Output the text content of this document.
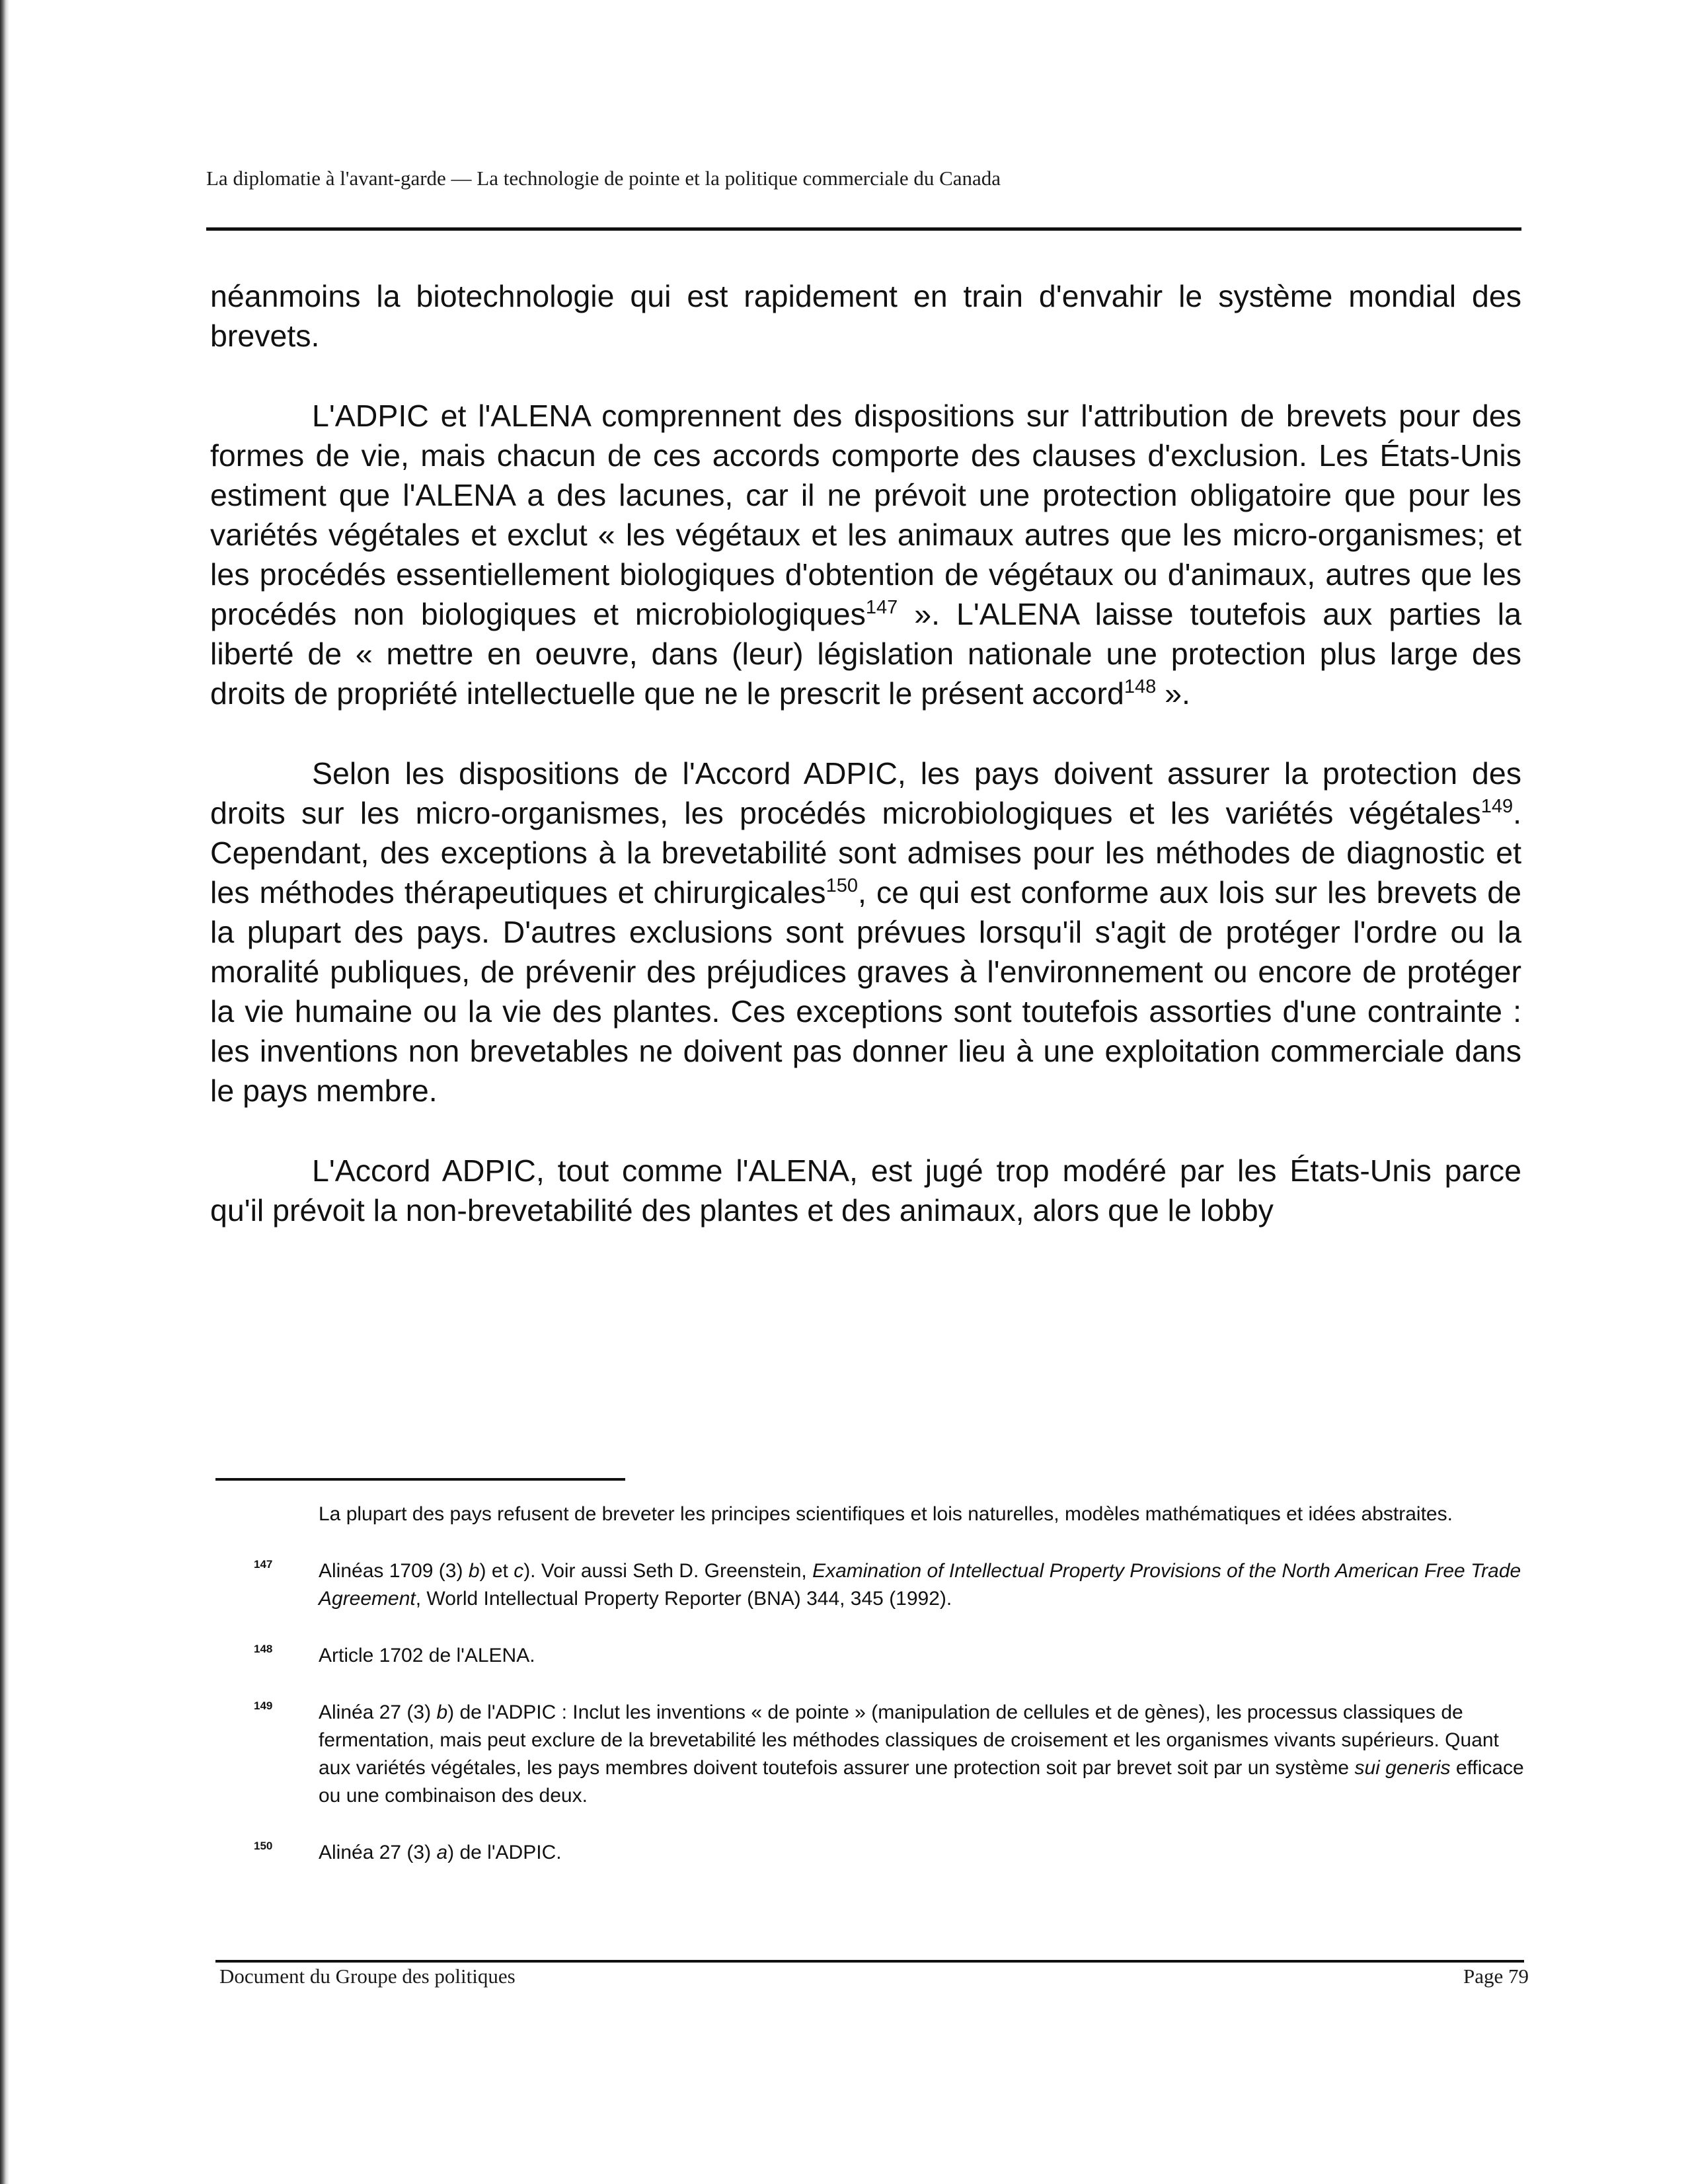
La diplomatie à l'avant-garde — La technologie de pointe et la politique commerciale du Canada

néanmoins la biotechnologie qui est rapidement en train d'envahir le système mondial des brevets.

L'ADPIC et l'ALENA comprennent des dispositions sur l'attribution de brevets pour des formes de vie, mais chacun de ces accords comporte des clauses d'exclusion. Les États-Unis estiment que l'ALENA a des lacunes, car il ne prévoit une protection obligatoire que pour les variétés végétales et exclut « les végétaux et les animaux autres que les micro-organismes; et les procédés essentiellement biologiques d'obtention de végétaux ou d'animaux, autres que les procédés non biologiques et microbiologiques$^{147}$ ». L'ALENA laisse toutefois aux parties la liberté de « mettre en oeuvre, dans (leur) législation nationale une protection plus large des droits de propriété intellectuelle que ne le prescrit le présent accord$^{148}$ ».

Selon les dispositions de l'Accord ADPIC, les pays doivent assurer la protection des droits sur les micro-organismes, les procédés microbiologiques et les variétés végétales$^{149}$. Cependant, des exceptions à la brevetabilité sont admises pour les méthodes de diagnostic et les méthodes thérapeutiques et chirurgicales$^{150}$, ce qui est conforme aux lois sur les brevets de la plupart des pays. D'autres exclusions sont prévues lorsqu'il s'agit de protéger l'ordre ou la moralité publiques, de prévenir des préjudices graves à l'environnement ou encore de protéger la vie humaine ou la vie des plantes. Ces exceptions sont toutefois assorties d'une contrainte : les inventions non brevetables ne doivent pas donner lieu à une exploitation commerciale dans le pays membre.

L'Accord ADPIC, tout comme l'ALENA, est jugé trop modéré par les États-Unis parce qu'il prévoit la non-brevetabilité des plantes et des animaux, alors que le lobby

La plupart des pays refusent de breveter les principes scientifiques et lois naturelles, modèles mathématiques et idées abstraites.
147 Alinéas 1709 (3) b) et c). Voir aussi Seth D. Greenstein, Examination of Intellectual Property Provisions of the North American Free Trade Agreement, World Intellectual Property Reporter (BNA) 344, 345 (1992).
148 Article 1702 de l'ALENA.
149 Alinéa 27 (3) b) de l'ADPIC : Inclut les inventions « de pointe » (manipulation de cellules et de gènes), les processus classiques de fermentation, mais peut exclure de la brevetabilité les méthodes classiques de croisement et les organismes vivants supérieurs. Quant aux variétés végétales, les pays membres doivent toutefois assurer une protection soit par brevet soit par un système sui generis efficace ou une combinaison des deux.
150 Alinéa 27 (3) a) de l'ADPIC.
Document du Groupe des politiques	Page 79
